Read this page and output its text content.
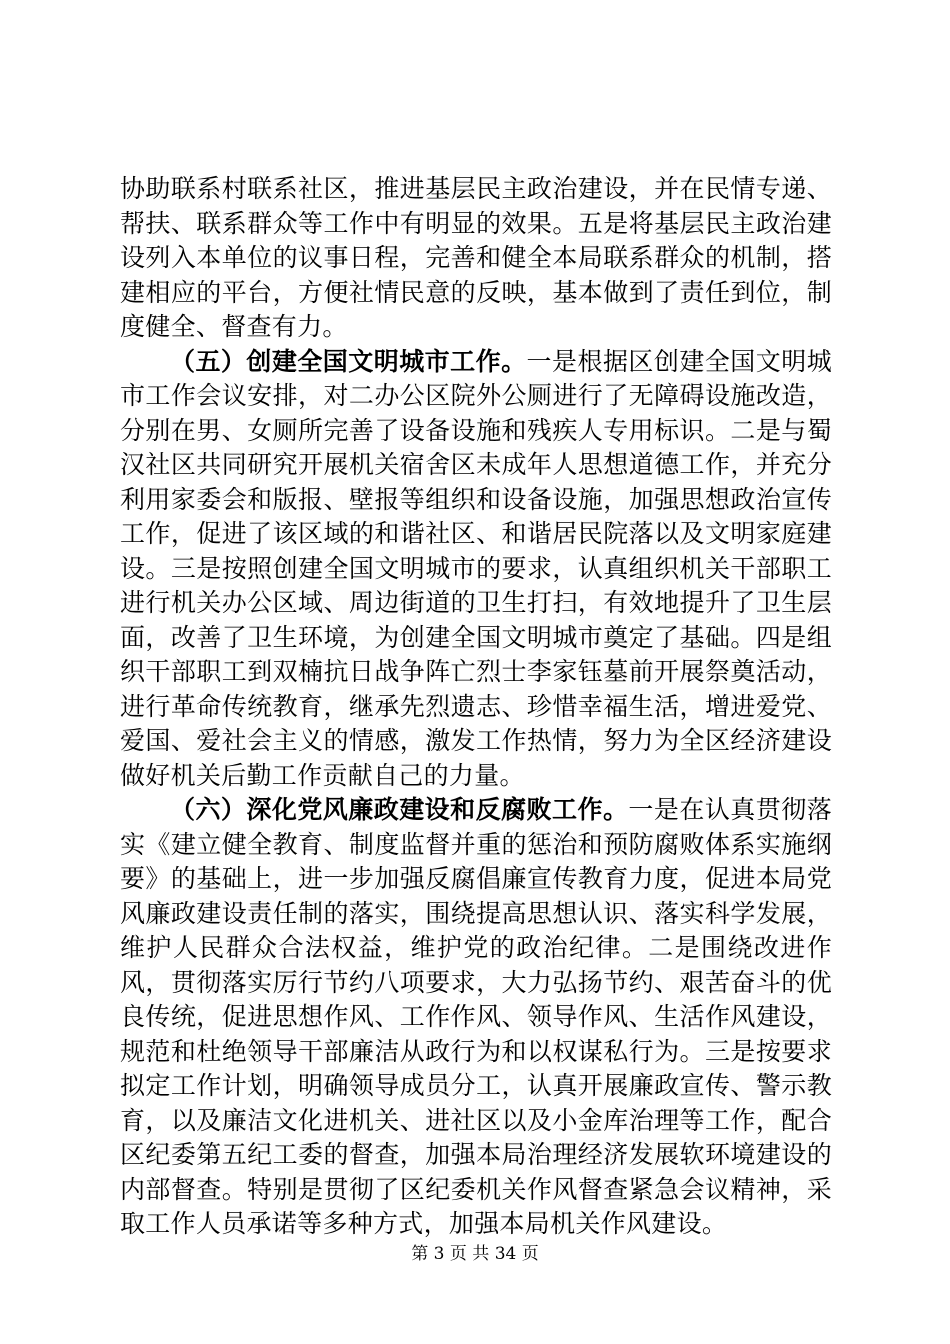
协助联系村联系社区，推进基层民主政治建设，并在民情专递、帮扶、联系群众等工作中有明显的效果。五是将基层民主政治建设列入本单位的议事日程，完善和健全本局联系群众的机制，搭建相应的平台，方便社情民意的反映，基本做到了责任到位，制度健全、督查有力。

（五）创建全国文明城市工作。一是根据区创建全国文明城市工作会议安排，对二办公区院外公厕进行了无障碍设施改造，分别在男、女厕所完善了设备设施和残疾人专用标识。二是与蜀汉社区共同研究开展机关宿舍区未成年人思想道德工作，并充分利用家委会和版报、壁报等组织和设备设施，加强思想政治宣传工作，促进了该区域的和谐社区、和谐居民院落以及文明家庭建设。三是按照创建全国文明城市的要求，认真组织机关干部职工进行机关办公区域、周边街道的卫生打扫，有效地提升了卫生层面，改善了卫生环境，为创建全国文明城市奠定了基础。四是组织干部职工到双楠抗日战争阵亡烈士李家钰墓前开展祭奠活动，进行革命传统教育，继承先烈遗志、珍惜幸福生活，增进爱党、爱国、爱社会主义的情感，激发工作热情，努力为全区经济建设做好机关后勤工作贡献自己的力量。

（六）深化党风廉政建设和反腐败工作。一是在认真贯彻落实《建立健全教育、制度监督并重的惩治和预防腐败体系实施纲要》的基础上，进一步加强反腐倡廉宣传教育力度，促进本局党风廉政建设责任制的落实，围绕提高思想认识、落实科学发展，维护人民群众合法权益，维护党的政治纪律。二是围绕改进作风，贯彻落实厉行节约八项要求，大力弘扬节约、艰苦奋斗的优良传统，促进思想作风、工作作风、领导作风、生活作风建设，规范和杜绝领导干部廉洁从政行为和以权谋私行为。三是按要求拟定工作计划，明确领导成员分工，认真开展廉政宣传、警示教育，以及廉洁文化进机关、进社区以及小金库治理等工作，配合区纪委第五纪工委的督查，加强本局治理经济发展软环境建设的内部督查。特别是贯彻了区纪委机关作风督查紧急会议精神，采取工作人员承诺等多种方式，加强本局机关作风建设。

第 3 页 共 34 页
